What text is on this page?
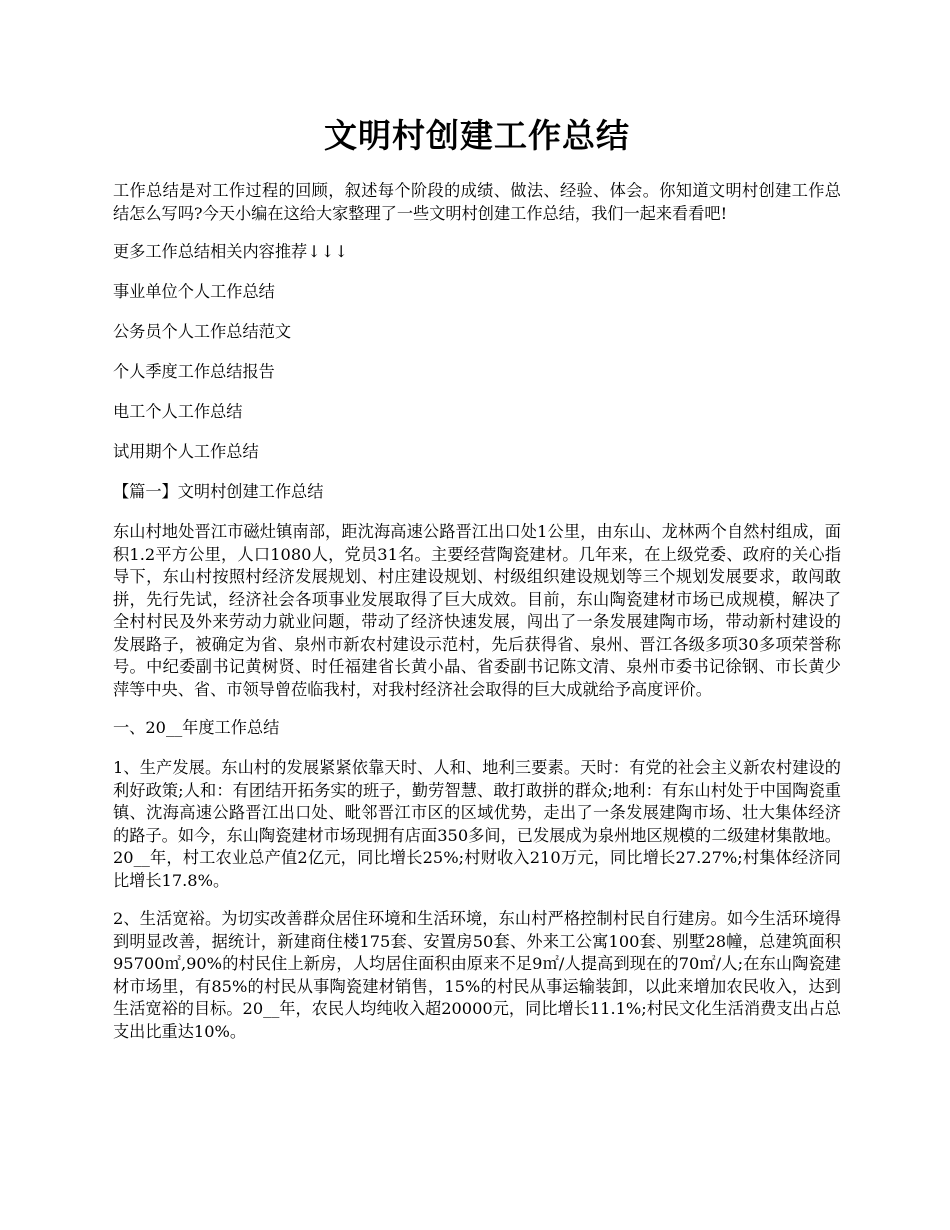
文明村创建工作总结

工作总结是对工作过程的回顾，叙述每个阶段的成绩、做法、经验、体会。你知道文明村创建工作总结怎么写吗?今天小编在这给大家整理了一些文明村创建工作总结，我们一起来看看吧!

更多工作总结相关内容推荐↓↓↓

事业单位个人工作总结

公务员个人工作总结范文

个人季度工作总结报告

电工个人工作总结

试用期个人工作总结

【篇一】文明村创建工作总结

东山村地处晋江市磁灶镇南部，距沈海高速公路晋江出口处1公里，由东山、龙林两个自然村组成，面积1.2平方公里，人口1080人，党员31名。主要经营陶瓷建材。几年来，在上级党委、政府的关心指导下，东山村按照村经济发展规划、村庄建设规划、村级组织建设规划等三个规划发展要求，敢闯敢拼，先行先试，经济社会各项事业发展取得了巨大成效。目前，东山陶瓷建材市场已成规模，解决了全村村民及外来劳动力就业问题，带动了经济快速发展，闯出了一条发展建陶市场，带动新村建设的发展路子，被确定为省、泉州市新农村建设示范村，先后获得省、泉州、晋江各级多项30多项荣誉称号。中纪委副书记黄树贤、时任福建省长黄小晶、省委副书记陈文清、泉州市委书记徐钢、市长黄少萍等中央、省、市领导曾莅临我村，对我村经济社会取得的巨大成就给予高度评价。

一、20__年度工作总结

1、生产发展。东山村的发展紧紧依靠天时、人和、地利三要素。天时：有党的社会主义新农村建设的利好政策;人和：有团结开拓务实的班子，勤劳智慧、敢打敢拼的群众;地利：有东山村处于中国陶瓷重镇、沈海高速公路晋江出口处、毗邻晋江市区的区域优势，走出了一条发展建陶市场、壮大集体经济的路子。如今，东山陶瓷建材市场现拥有店面350多间，已发展成为泉州地区规模的二级建材集散地。20__年，村工农业总产值2亿元，同比增长25%;村财收入210万元，同比增长27.27%;村集体经济同比增长17.8%。

2、生活宽裕。为切实改善群众居住环境和生活环境，东山村严格控制村民自行建房。如今生活环境得到明显改善，据统计，新建商住楼175套、安置房50套、外来工公寓100套、别墅28幢，总建筑面积95700㎡,90%的村民住上新房，人均居住面积由原来不足9㎡/人提高到现在的70㎡/人;在东山陶瓷建材市场里，有85%的村民从事陶瓷建材销售，15%的村民从事运输装卸，以此来增加农民收入，达到生活宽裕的目标。20__年，农民人均纯收入超20000元，同比增长11.1%;村民文化生活消费支出占总支出比重达10%。
